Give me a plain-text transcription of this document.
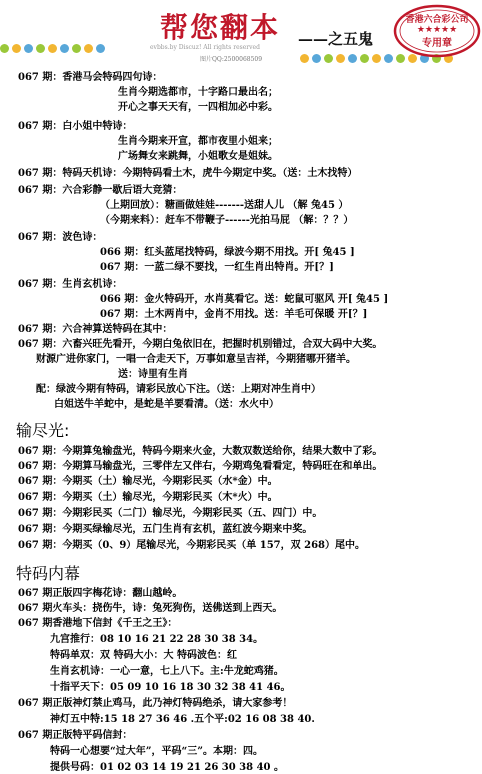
帮您翻本 ——之五鬼
evbbs.by Discuz! All rights reserved
图片QQ:2500068509
香港六合彩公司
★★★★★
专用章
067 期：香港马会特码四句诗：
生肖今期选都市，十字路口最出名；
开心之事天天有，一四相加必中彩。
067 期：白小姐中特诗：
生肖今期来开宣，都市夜里小姐来；
广场舞女来跳舞，小姐歌女是姐妹。
067 期：特码天机诗：今期特码看土木，虎牛今期定中奖。（送：土木找特）
067 期：六合彩静一歇后语大竞猜：
（上期回放）：糖画做娃娃-------送甜人儿 （解 兔45 ）
（今期来料）：赶车不带鞭子------光拍马屁 （解：？？）
067 期：波色诗：
066 期：红头蓝尾找特码，绿波今期不用找。开[ 兔45 ]
067 期：一蓝二绿不要找，一红生肖出特肖。开[？]
067 期：生肖玄机诗：
066 期：金火特码开，水肖莫看它。送：蛇鼠可驱风 开[ 兔45 ]
067 期：土木两肖中，金肖不用找。送：羊毛可保暖 开[？]
067 期：六合神算送特码在其中：
067 期：六畜兴旺先看开，今期白兔依旧在，把握时机别错过，合双大码中大奖。
财源广进你家门，一唱一合走天下，万事如意呈吉祥，今期猪哪开猪羊。
送：诗里有生肖
配：绿波今期有特码，请彩民放心下注。（送：上期对冲生肖中）
白姐送牛羊蛇中，是蛇是羊要看清。（送：水火中）
输尽光:
067 期：今期算兔输盘光，特码今期来火金，大数双数送给你，结果大数中了彩。
067 期：今期算马输盘光，三零伴左又伴右，今期鸡兔看看定，特码旺在和单出。
067 期：今期买（土）输尽光，今期彩民买（水*金）中。
067 期：今期买（土）输尽光，今期彩民买（木*火）中。
067 期：今期彩民买（二门）输尽光，今期彩民买（五、四门）中。
067 期：今期买绿输尽光，五门生肖有玄机，蓝红波今期来中奖。
067 期：今期买（0、9）尾输尽光，今期彩民买（单 157，双 268）尾中。
特码内幕
067 期正版四字梅花诗：翻山越岭。
067 期火车头：挠伤牛，诗：兔死狗伤，送佛送到上西天。
067 期香港地下信封《千王之王》：
九宫推行：08 10 16 21 22 28 30 38 34。
特码单双：双 特码大小：大 特码波色：红
生肖玄机诗：一心一意，七上八下。主:牛龙蛇鸡猪。
十指平天下：05 09 10 16 18 30 32 38 41 46。
067 期正版神灯禁止鸡马，此乃神灯特码绝杀，请大家参考！
神灯五中特:15 18 27 36 46 .五个平:02 16 08 38 40.
067 期正版特平码信封：
特码一心想要“过大年”，平码“三”。本期：四。
提供号码：01 02 03 14 19 21 26 30 38 40 。
